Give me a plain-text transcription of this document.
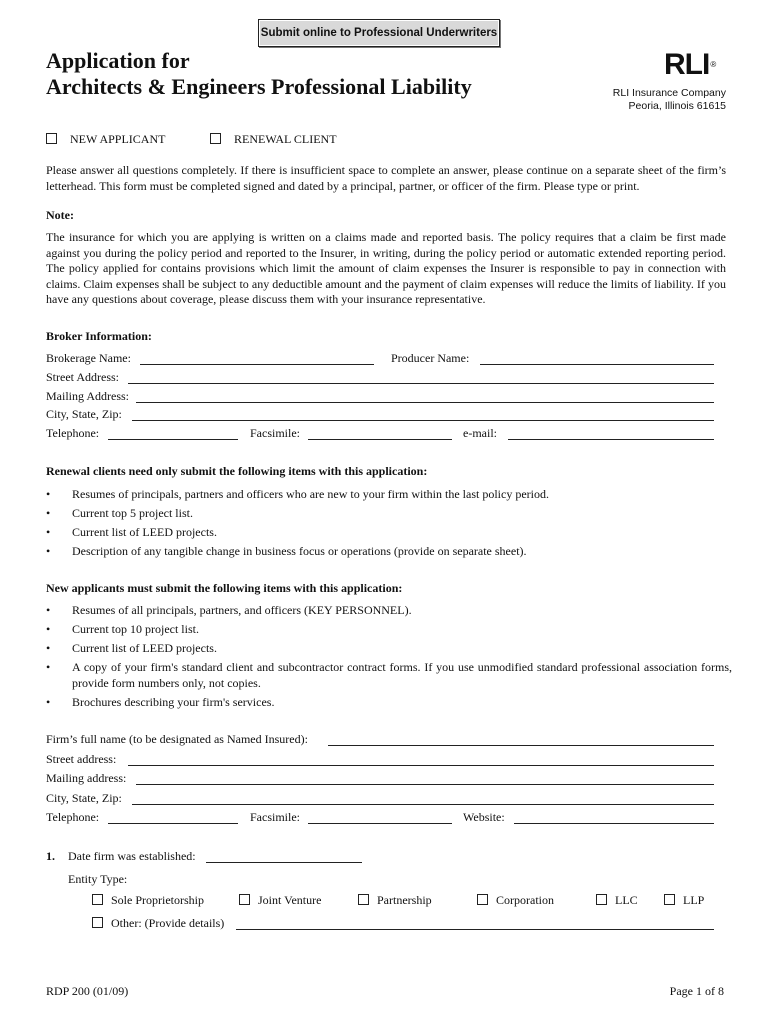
Submit online to Professional Underwriters
Application for
Architects & Engineers Professional Liability
RLI®
RLI Insurance Company
Peoria, Illinois 61615
NEW APPLICANT	RENEWAL CLIENT
Please answer all questions completely. If there is insufficient space to complete an answer, please continue on a separate sheet of the firm’s letterhead. This form must be completed signed and dated by a principal, partner, or officer of the firm. Please type or print.
Note:
The insurance for which you are applying is written on a claims made and reported basis. The policy requires that a claim be first made against you during the policy period and reported to the Insurer, in writing, during the policy period or automatic extended reporting period. The policy applied for contains provisions which limit the amount of claim expenses the Insurer is responsible to pay in connection with claims. Claim expenses shall be subject to any deductible amount and the payment of claim expenses will reduce the limits of liability. If you have any questions about coverage, please discuss them with your insurance representative.
Broker Information:
Brokerage Name:	Producer Name:
Street Address:
Mailing Address:
City, State, Zip:
Telephone:	Facsimile:	e-mail:
Renewal clients need only submit the following items with this application:
• Resumes of principals, partners and officers who are new to your firm within the last policy period.
• Current top 5 project list.
• Current list of LEED projects.
• Description of any tangible change in business focus or operations (provide on separate sheet).
New applicants must submit the following items with this application:
• Resumes of all principals, partners, and officers (KEY PERSONNEL).
• Current top 10 project list.
• Current list of LEED projects.
• A copy of your firm's standard client and subcontractor contract forms. If you use unmodified standard professional association forms, provide form numbers only, not copies.
• Brochures describing your firm's services.
Firm’s full name (to be designated as Named Insured):
Street address:
Mailing address:
City, State, Zip:
Telephone:	Facsimile:	Website:
1. Date firm was established:
Entity Type:
Sole Proprietorship	Joint Venture	Partnership	Corporation	LLC	LLP
Other: (Provide details)
RDP 200 (01/09)	Page 1 of 8
